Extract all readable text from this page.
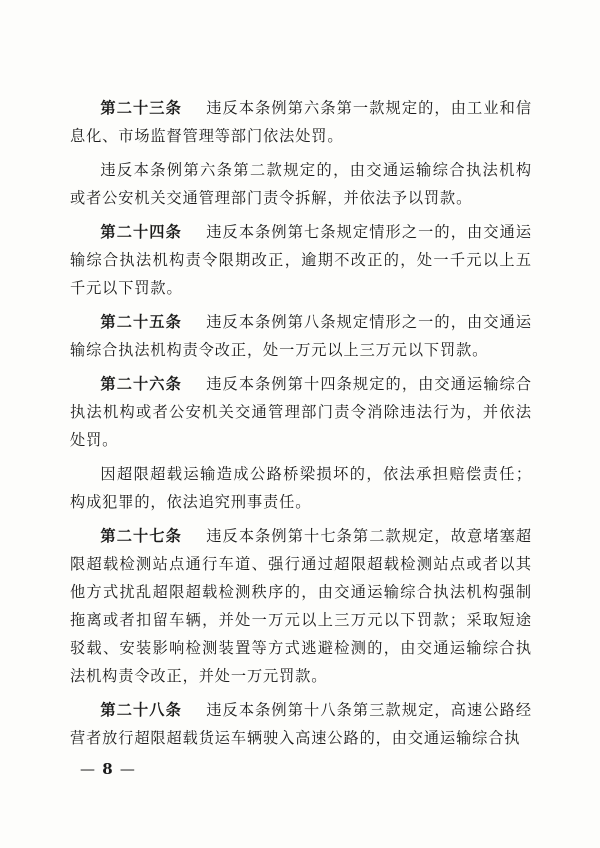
第二十三条 违反本条例第六条第一款规定的，由工业和信息化、市场监督管理等部门依法处罚。

违反本条例第六条第二款规定的，由交通运输综合执法机构或者公安机关交通管理部门责令拆解，并依法予以罚款。

第二十四条 违反本条例第七条规定情形之一的，由交通运输综合执法机构责令限期改正，逾期不改正的，处一千元以上五千元以下罚款。

第二十五条 违反本条例第八条规定情形之一的，由交通运输综合执法机构责令改正，处一万元以上三万元以下罚款。

第二十六条 违反本条例第十四条规定的，由交通运输综合执法机构或者公安机关交通管理部门责令消除违法行为，并依法处罚。

因超限超载运输造成公路桥梁损坏的，依法承担赔偿责任；构成犯罪的，依法追究刑事责任。

第二十七条 违反本条例第十七条第二款规定，故意堵塞超限超载检测站点通行车道、强行通过超限超载检测站点或者以其他方式扰乱超限超载检测秩序的，由交通运输综合执法机构强制拖离或者扣留车辆，并处一万元以上三万元以下罚款；采取短途驳载、安装影响检测装置等方式逃避检测的，由交通运输综合执法机构责令改正，并处一万元罚款。

第二十八条 违反本条例第十八条第三款规定，高速公路经营者放行超限超载货运车辆驶入高速公路的，由交通运输综合执

— 8 —
